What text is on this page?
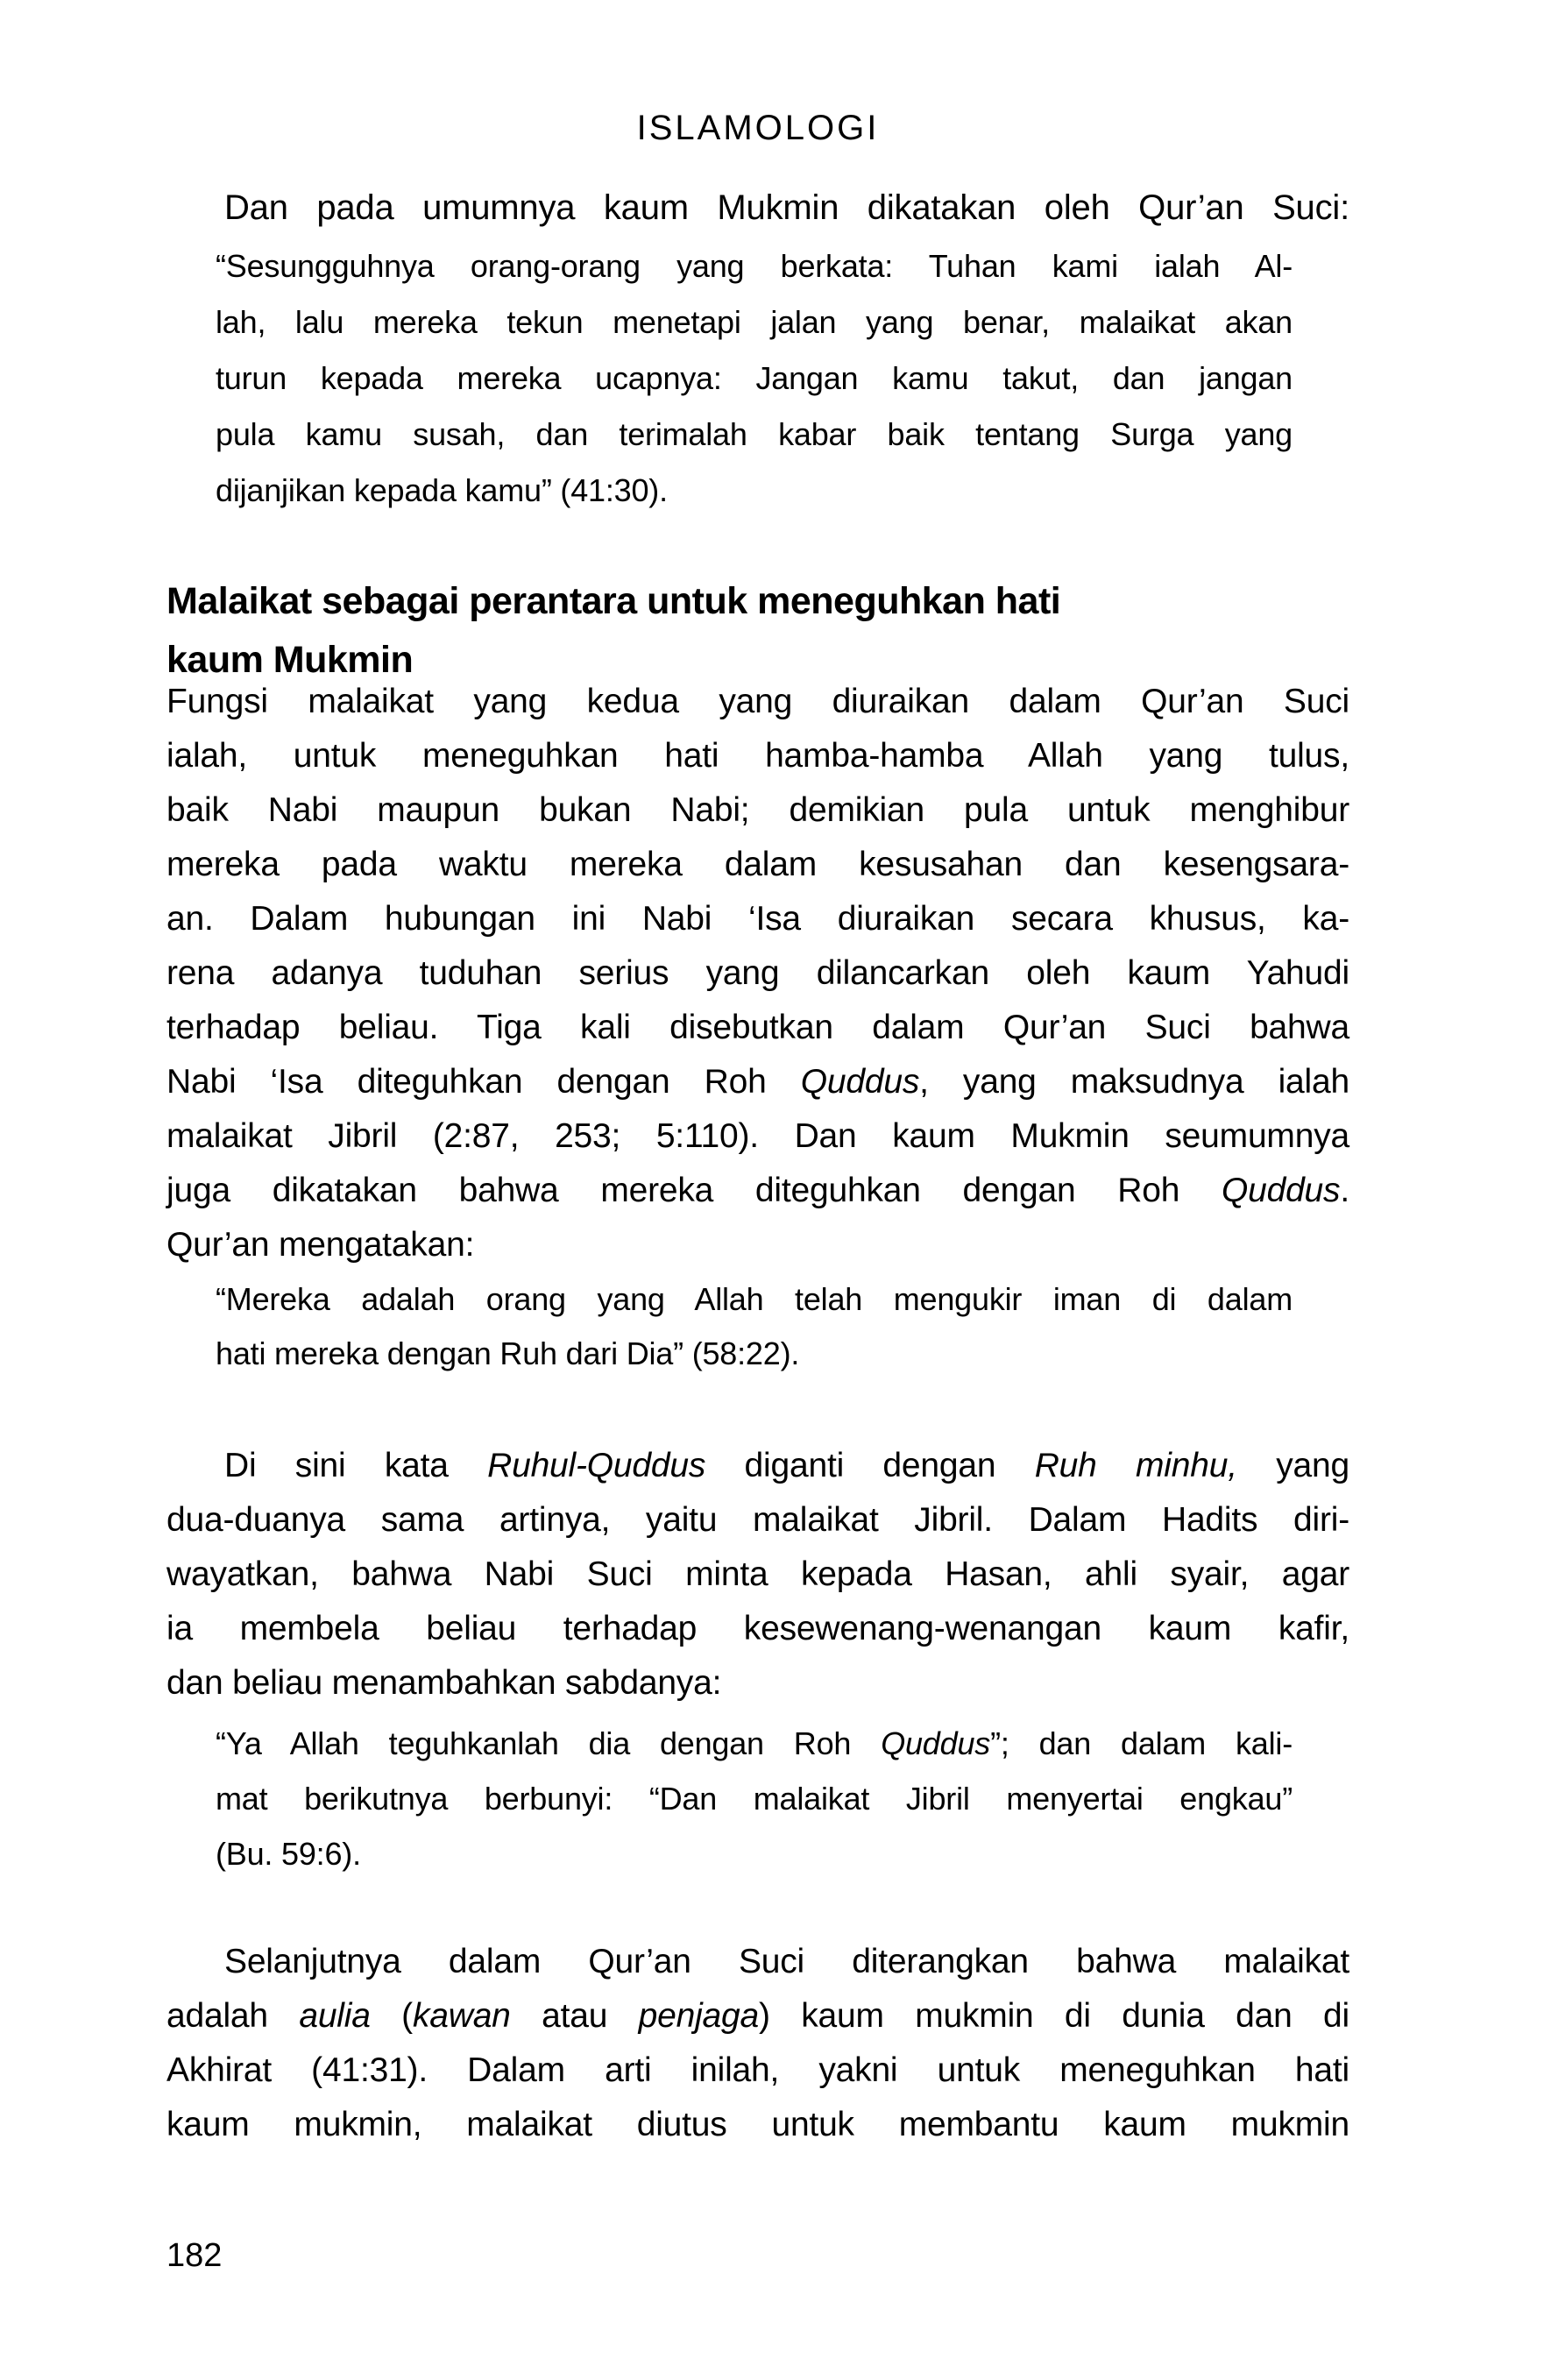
ISLAMOLOGI
Dan pada umumnya kaum Mukmin dikatakan oleh Qur’an Suci:
“Sesungguhnya orang-orang yang berkata: Tuhan kami ialah Al-
lah, lalu mereka tekun menetapi jalan yang benar, malaikat akan
turun kepada mereka ucapnya: Jangan kamu takut, dan jangan
pula kamu susah, dan terimalah kabar baik tentang Surga yang
dijanjikan kepada kamu” (41:30).
Malaikat sebagai perantara untuk meneguhkan hati
kaum Mukmin
Fungsi malaikat yang kedua yang diuraikan dalam Qur’an Suci
ialah, untuk meneguhkan hati hamba-hamba Allah yang tulus,
baik Nabi maupun bukan Nabi; demikian pula untuk menghibur
mereka pada waktu mereka dalam kesusahan dan kesengsara-
an. Dalam hubungan ini Nabi ‘Isa diuraikan secara khusus, ka-
rena adanya tuduhan serius yang dilancarkan oleh kaum Yahudi
terhadap beliau. Tiga kali disebutkan dalam Qur’an Suci bahwa
Nabi ‘Isa diteguhkan dengan Roh Quddus, yang maksudnya ialah
malaikat Jibril (2:87, 253; 5:110). Dan kaum Mukmin seumumnya
juga dikatakan bahwa mereka diteguhkan dengan Roh Quddus.
Qur’an mengatakan:
“Mereka adalah orang yang Allah telah mengukir iman di dalam
hati mereka dengan Ruh dari Dia” (58:22).
Di sini kata Ruhul-Quddus diganti dengan Ruh minhu, yang
dua-duanya sama artinya, yaitu malaikat Jibril. Dalam Hadits diri-
wayatkan, bahwa Nabi Suci minta kepada Hasan, ahli syair, agar
ia membela beliau terhadap kesewenang-wenangan kaum kafir,
dan beliau menambahkan sabdanya:
“Ya Allah teguhkanlah dia dengan Roh Quddus”; dan dalam kali-
mat berikutnya berbunyi: “Dan malaikat Jibril menyertai engkau”
(Bu. 59:6).
Selanjutnya dalam Qur’an Suci diterangkan bahwa malaikat
adalah aulia (kawan atau penjaga) kaum mukmin di dunia dan di
Akhirat (41:31). Dalam arti inilah, yakni untuk meneguhkan hati
kaum mukmin, malaikat diutus untuk membantu kaum mukmin
182
